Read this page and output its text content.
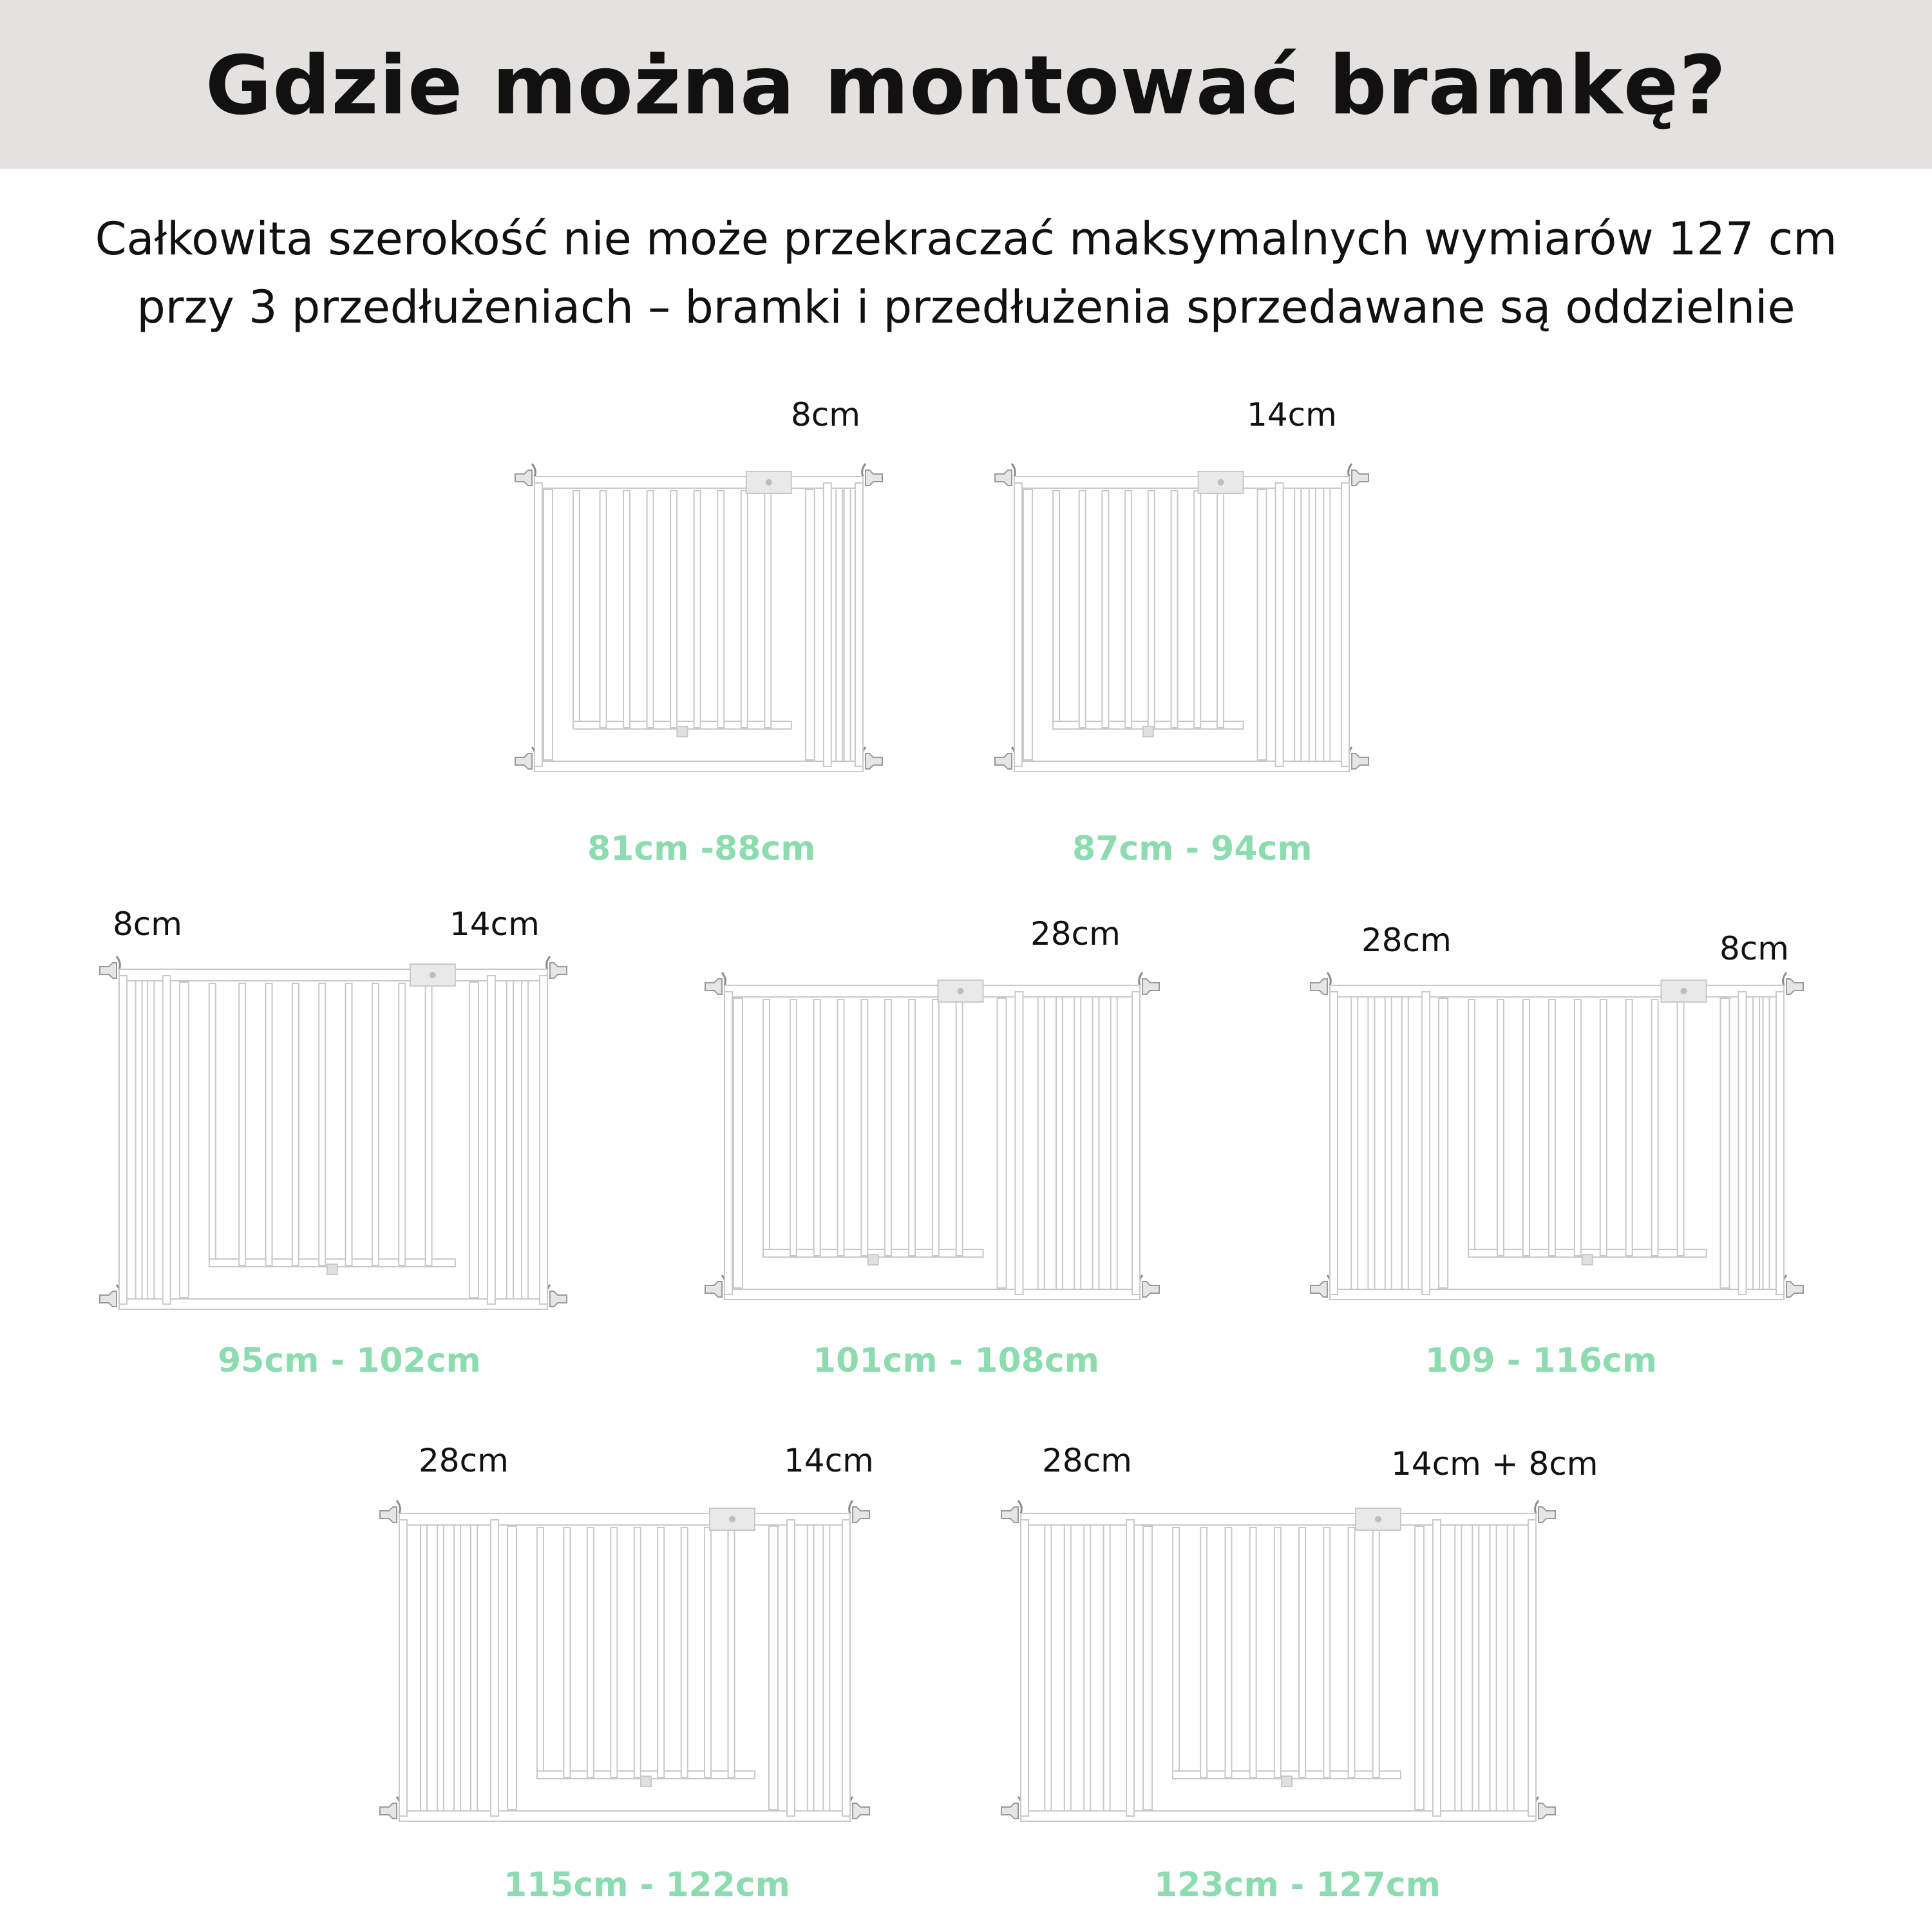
Gdzie można montować bramkę?
Całkowita szerokość nie może przekraczać maksymalnych wymiarów 127 cm
przy 3 przedłużeniach – bramki i przedłużenia sprzedawane są oddzielnie
8cm
81cm -88cm
14cm
87cm - 94cm
8cm	14cm
95cm - 102cm
28cm
101cm - 108cm
28cm	8cm
109 - 116cm
28cm	14cm
115cm - 122cm
28cm	14cm + 8cm
123cm - 127cm
